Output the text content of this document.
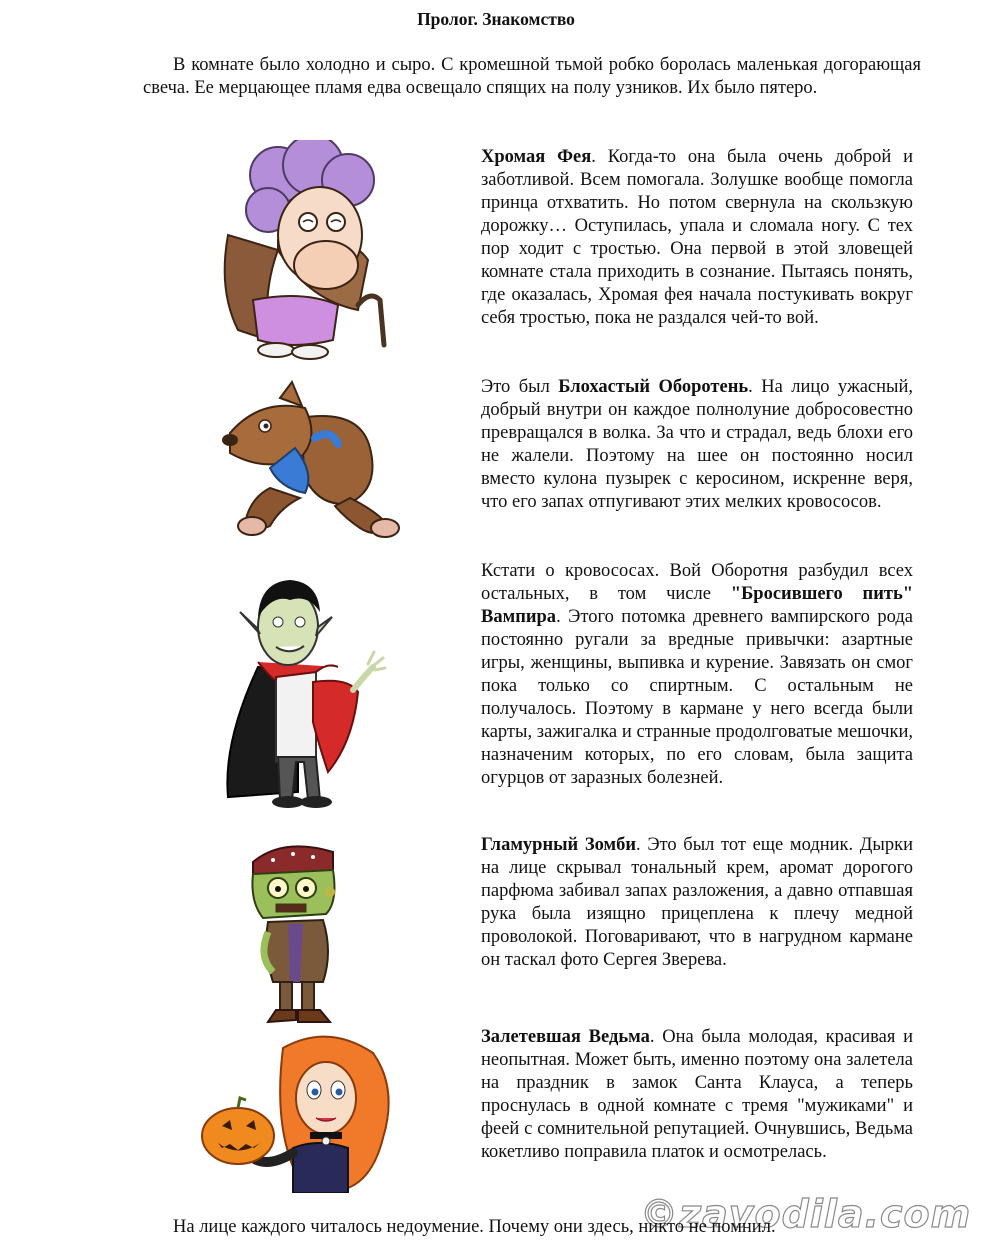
Пролог. Знакомство

В комнате было холодно и сыро. С кромешной тьмой робко боролась маленькая догорающая свеча. Ее мерцающее пламя едва освещало спящих на полу узников. Их было пятеро.

Хромая Фея. Когда-то она была очень доброй и заботливой. Всем помогала. Золушке вообще помогла принца отхватить. Но потом свернула на скользкую дорожку… Оступилась, упала и сломала ногу. С тех пор ходит с тростью. Она первой в этой зловещей комнате стала приходить в сознание. Пытаясь понять, где оказалась, Хромая фея начала постукивать вокруг себя тростью, пока не раздался чей-то вой.

Это был Блохастый Оборотень. На лицо ужасный, добрый внутри он каждое полнолуние добросовестно превращался в волка. За что и страдал, ведь блохи его не жалели. Поэтому на шее он постоянно носил вместо кулона пузырек с керосином, искренне веря, что его запах отпугивают этих мелких кровососов.

Кстати о кровососах. Вой Оборотня разбудил всех остальных, в том числе "Бросившего пить" Вампира. Этого потомка древнего вампирского рода постоянно ругали за вредные привычки: азартные игры, женщины, выпивка и курение. Завязать он смог пока только со спиртным. С остальным не получалось. Поэтому в кармане у него всегда были карты, зажигалка и странные продолговатые мешочки, назначеним которых, по его словам, была защита огурцов от заразных болезней.

Гламурный Зомби. Это был тот еще модник. Дырки на лице скрывал тональный крем, аромат дорогого парфюма забивал запах разложения, а давно отпавшая рука была изящно прицеплена к плечу медной проволокой. Поговаривают, что в нагрудном кармане он таскал фото Сергея Зверева.

Залетевшая Ведьма. Она была молодая, красивая и неопытная. Может быть, именно поэтому она залетела на праздник в замок Санта Клауса, а теперь проснулась в одной комнате с тремя "мужиками" и феей с сомнительной репутацией. Очнувшись, Ведьма кокетливо поправила платок и осмотрелась.

©zavodila.com

На лице каждого читалось недоумение. Почему они здесь, никто не помнил.
